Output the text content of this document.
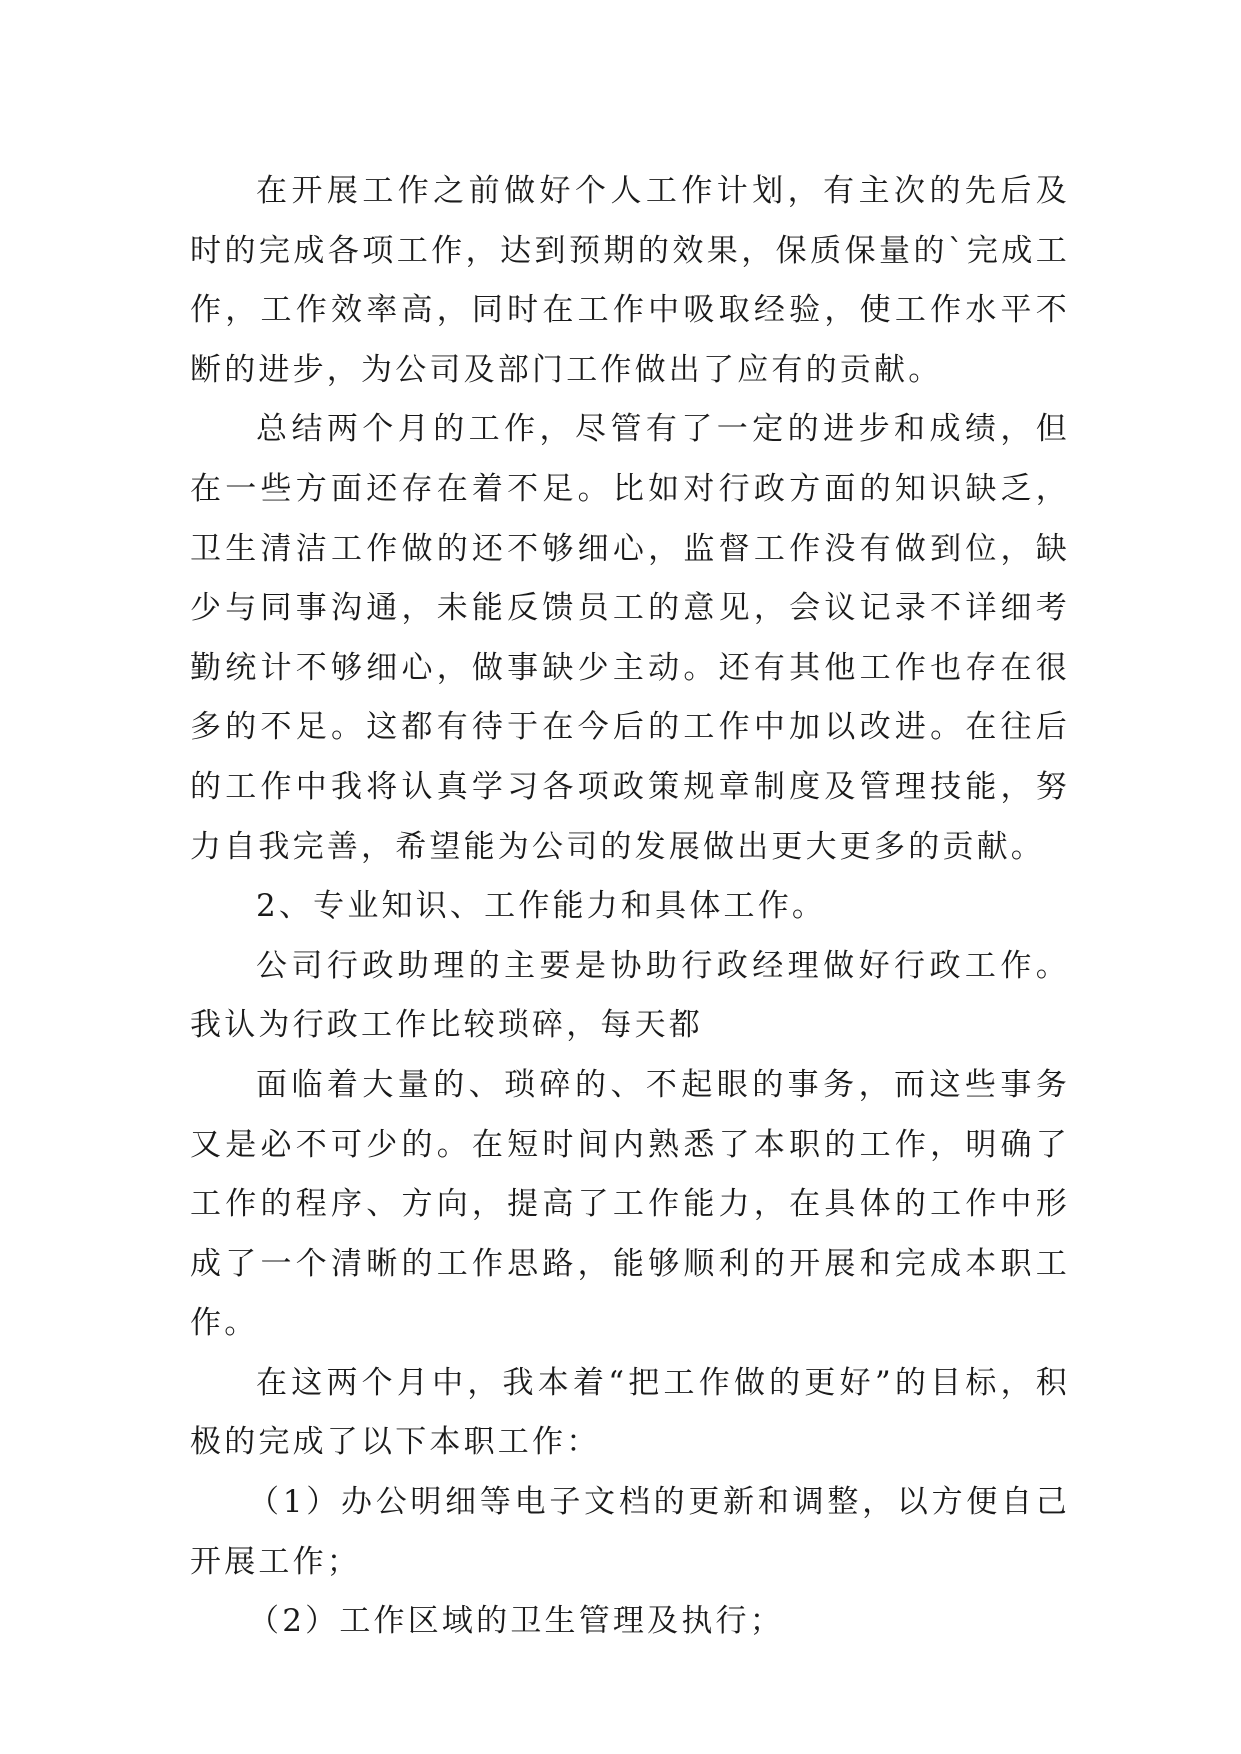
在开展工作之前做好个人工作计划，有主次的先后及时的完成各项工作，达到预期的效果，保质保量的`完成工作，工作效率高，同时在工作中吸取经验，使工作水平不断的进步，为公司及部门工作做出了应有的贡献。

总结两个月的工作，尽管有了一定的进步和成绩，但在一些方面还存在着不足。比如对行政方面的知识缺乏，卫生清洁工作做的还不够细心，监督工作没有做到位，缺少与同事沟通，未能反馈员工的意见，会议记录不详细考勤统计不够细心，做事缺少主动。还有其他工作也存在很多的不足。这都有待于在今后的工作中加以改进。在往后的工作中我将认真学习各项政策规章制度及管理技能，努力自我完善，希望能为公司的发展做出更大更多的贡献。

2、专业知识、工作能力和具体工作。

公司行政助理的主要是协助行政经理做好行政工作。我认为行政工作比较琐碎，每天都

面临着大量的、琐碎的、不起眼的事务，而这些事务又是必不可少的。在短时间内熟悉了本职的工作，明确了工作的程序、方向，提高了工作能力，在具体的工作中形成了一个清晰的工作思路，能够顺利的开展和完成本职工作。

在这两个月中，我本着“把工作做的更好”的目标，积极的完成了以下本职工作：

（1）办公明细等电子文档的更新和调整，以方便自己开展工作；

（2）工作区域的卫生管理及执行；
